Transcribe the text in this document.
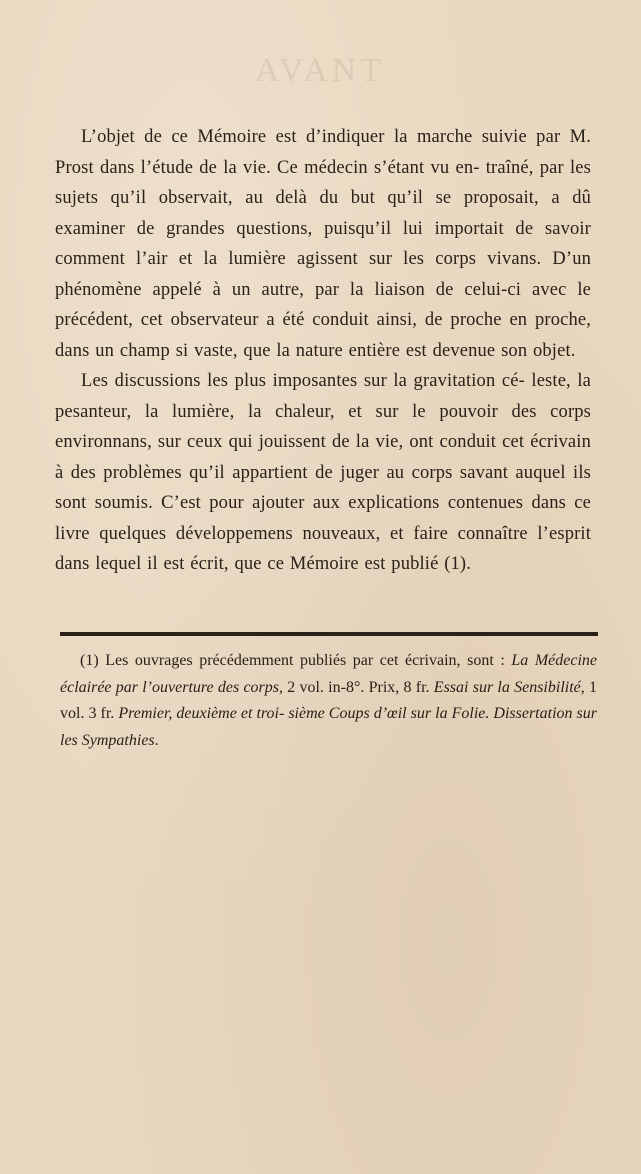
AVANT

L’objet de ce Mémoire est d’indiquer la marche suivie par M. Prost dans l’étude de la vie. Ce médecin s’étant vu en- traîné, par les sujets qu’il observait, au delà du but qu’il se proposait, a dû examiner de grandes questions, puisqu’il lui importait de savoir comment l’air et la lumière agissent sur les corps vivans. D’un phénomène appelé à un autre, par la liaison de celui-ci avec le précédent, cet observateur a été conduit ainsi, de proche en proche, dans un champ si vaste, que la nature entière est devenue son objet.

Les discussions les plus imposantes sur la gravitation cé- leste, la pesanteur, la lumière, la chaleur, et sur le pouvoir des corps environnans, sur ceux qui jouissent de la vie, ont conduit cet écrivain à des problèmes qu’il appartient de juger au corps savant auquel ils sont soumis. C’est pour ajouter aux explications contenues dans ce livre quelques développemens nouveaux, et faire connaître l’esprit dans lequel il est écrit, que ce Mémoire est publié (1).

(1) Les ouvrages précédemment publiés par cet écrivain, sont : La Médecine éclairée par l’ouverture des corps, 2 vol. in-8°. Prix, 8 fr. Essai sur la Sensibilité, 1 vol. 3 fr. Premier, deuxième et troi- sième Coups d’œil sur la Folie. Dissertation sur les Sympathies.
